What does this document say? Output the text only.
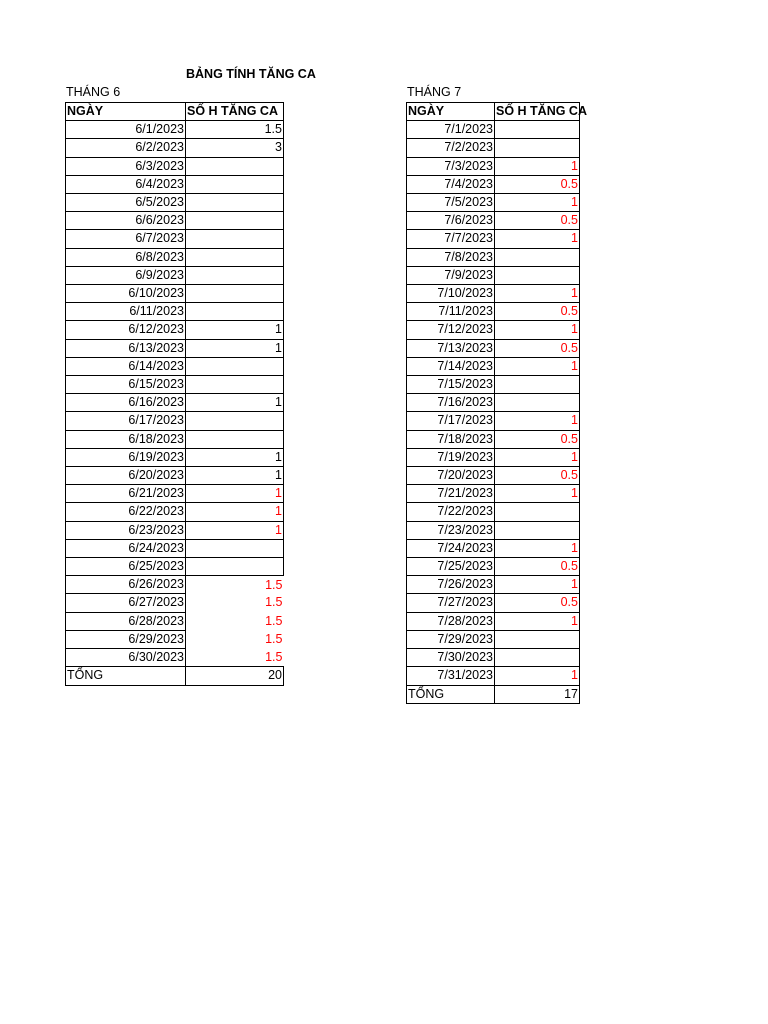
BẢNG TÍNH TĂNG CA
THÁNG 6	THÁNG 7
NGÀY	SỐ H TĂNG CA
6/1/2023	1.5
6/2/2023	3
6/3/2023	
6/4/2023	
6/5/2023	
6/6/2023	
6/7/2023	
6/8/2023	
6/9/2023	
6/10/2023	
6/11/2023	
6/12/2023	1
6/13/2023	1
6/14/2023	
6/15/2023	
6/16/2023	1
6/17/2023	
6/18/2023	
6/19/2023	1
6/20/2023	1
6/21/2023	1
6/22/2023	1
6/23/2023	1
6/24/2023	
6/25/2023	
6/26/2023	1.5
6/27/2023	1.5
6/28/2023	1.5
6/29/2023	1.5
6/30/2023	1.5
TỔNG	20
NGÀY	SỐ H TĂNG CA
7/1/2023	
7/2/2023	
7/3/2023	1
7/4/2023	0.5
7/5/2023	1
7/6/2023	0.5
7/7/2023	1
7/8/2023	
7/9/2023	
7/10/2023	1
7/11/2023	0.5
7/12/2023	1
7/13/2023	0.5
7/14/2023	1
7/15/2023	
7/16/2023	
7/17/2023	1
7/18/2023	0.5
7/19/2023	1
7/20/2023	0.5
7/21/2023	1
7/22/2023	
7/23/2023	
7/24/2023	1
7/25/2023	0.5
7/26/2023	1
7/27/2023	0.5
7/28/2023	1
7/29/2023	
7/30/2023	
7/31/2023	1
TỔNG	17
